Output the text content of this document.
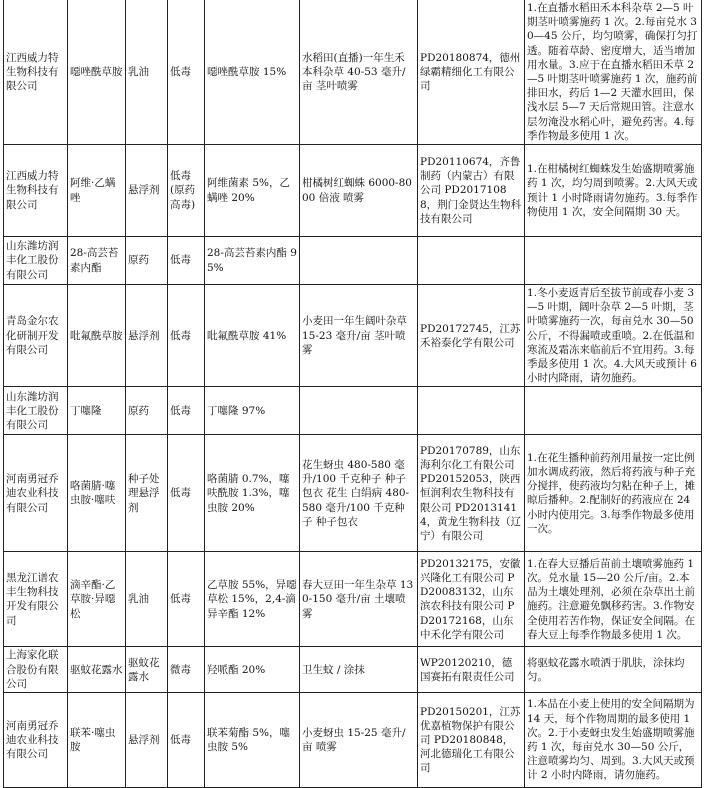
江西威力特生物科技有限公司	噁唑酰草胺	乳油	低毒	噁唑酰草胺 15%	水稻田(直播)一年生禾本科杂草 40-53 毫升/亩 茎叶喷雾	PD20180874，德州绿霸精细化工有限公司	1.在直播水稻田禾本科杂草 2—5 叶期茎叶喷雾施药 1 次。2.每亩兑水 30—45 公斤，均匀喷雾，确保打匀打透。随着草龄、密度增大，适当增加用水量。3.应于在直播水稻田禾草 2—5 叶期茎叶喷雾施药 1 次，施药前排田水，药后 1—2 天灌水回田，保浅水层 5—7 天后常规田管。注意水层勿淹没水稻心叶，避免药害。4.每季作物最多使用 1 次。
江西威力特生物科技有限公司	阿维·乙螨唑	悬浮剂	低毒(原药高毒)	阿维菌素 5%，乙螨唑 20%	柑橘树红蜘蛛 6000-8000 倍液 喷雾	PD20110674，齐鲁制药（内蒙古）有限公司 PD20171088，荆门金贤达生物科技有限公司	1.在柑橘树红蜘蛛发生始盛期喷雾施药 1 次，均匀周到喷雾。2.大风天或预计 1 小时降雨请勿施药。3.每季作物使用 1 次，安全间隔期 30 天。
山东潍坊润丰化工股份有限公司	28-高芸苔素内酯	原药	低毒	28-高芸苔素内酯 95%			
青岛金尔农化研制开发有限公司	吡氟酰草胺	悬浮剂	低毒	吡氟酰草胺 41%	小麦田一年生阔叶杂草 15-23 毫升/亩 茎叶喷雾	PD20172745，江苏禾裕泰化学有限公司	1.冬小麦返青后至拔节前或春小麦 3—5 叶期，阔叶杂草 2—5 叶期，茎叶喷雾施药一次，每亩兑水 30—50 公斤，不得漏喷或重喷。2.在低温和寒流及霜冻来临前后不宜用药。3.每季最多使用 1 次。4.大风天或预计 6 小时内降雨，请勿施药。
山东潍坊润丰化工股份有限公司	丁噻隆	原药	低毒	丁噻隆 97%			
河南勇冠乔迪农业科技有限公司	咯菌腈·噻虫胺·噻呋	种子处理悬浮剂	低毒	咯菌腈 0.7%，噻呋酰胺 1.3%，噻虫胺 20%	花生蚜虫 480-580 毫升/100 千克种子 种子包衣 花生 白绢病 480-580 毫升/100 千克种子 种子包衣	PD20170789，山东海利尔化工有限公司 PD20152053，陕西恒润利农生物科技有限公司 PD20131414，黄龙生物科技（辽宁）有限公司	1.在花生播种前药剂用量按一定比例加水调成药液，然后将药液与种子充分搅拌，使药液均匀粘在种子上，摊晾后播种。2.配制好的药液应在 24 小时内使用完。3.每季作物最多使用一次。
黑龙江谱农丰生物科技开发有限公司	滴辛酯·乙草胺·异噁松	乳油	低毒	乙草胺 55%，异噁草松 15%，2,4-滴异辛酯 12%	春大豆田一年生杂草 130-150 毫升/亩 土壤喷雾	PD20132175，安徽兴隆化工有限公司 PD20083132，山东滨农科技有限公司 PD20172168，山东中禾化学有限公司	1.在春大豆播后苗前土壤喷雾施药 1 次。兑水量 15—20 公斤/亩。2.本品为土壤处理剂，必须在杂草出土前施药。注意避免飘移药害。3.作物安全使用若苦作物，保证安全间隔。在春大豆上每季作物最多使用 1 次。
上海家化联合股份有限公司	驱蚊花露水	驱蚊花露水	微毒	羟哌酯 20%	卫生蚊 / 涂抹	WP20120210，德国赛拓有限责任公司	将驱蚊花露水喷洒于肌肤，涂抹均匀。
河南勇冠乔迪农业科技有限公司	联苯·噻虫胺	悬浮剂	低毒	联苯菊酯 5%，噻虫胺 5%	小麦蚜虫 15-25 毫升/亩 喷雾	PD20150201，江苏优嘉植物保护有限公司 PD20180848，河北德瑞化工有限公司	1.本品在小麦上使用的安全间隔期为 14 天，每个作物周期的最多使用 1 次。2.于小麦蚜虫发生始盛期喷雾施药 1 次，每亩兑水 30—50 公斤，注意喷雾均匀、周到。3.大风天或预计 2 小时内降雨，请勿施药。
